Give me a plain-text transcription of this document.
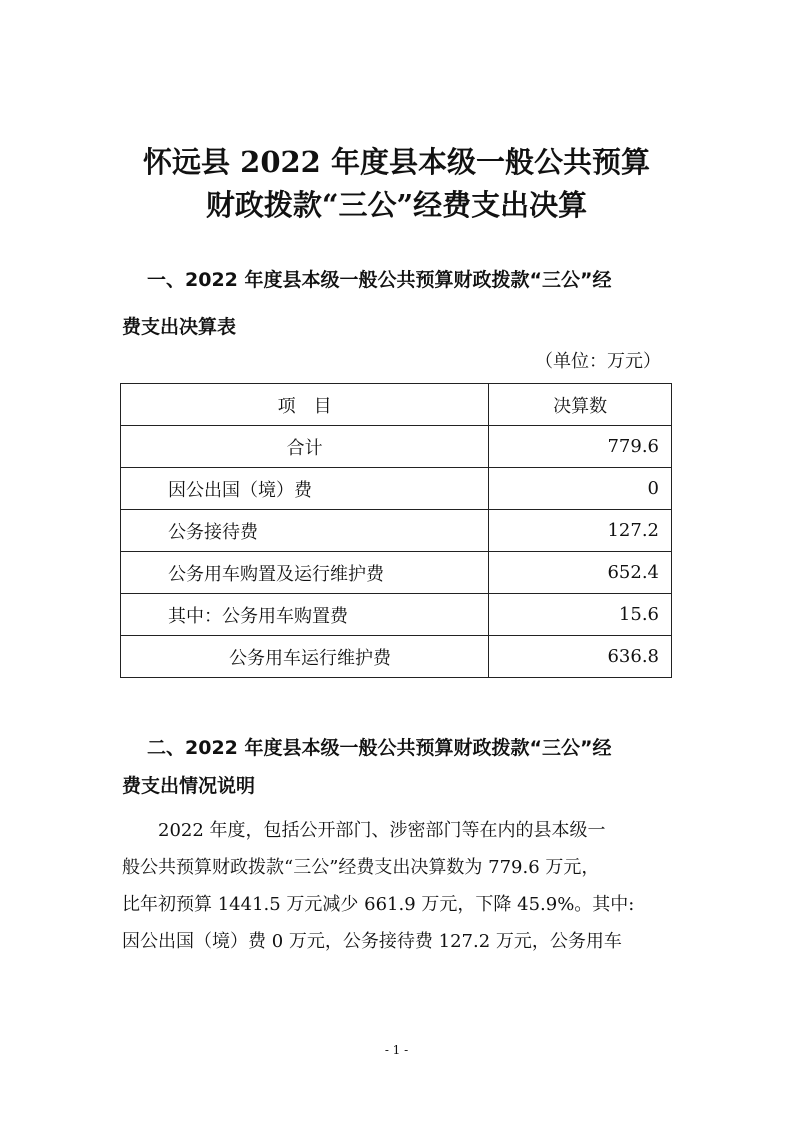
怀远县 2022 年度县本级一般公共预算
财政拨款“三公”经费支出决算
一、2022 年度县本级一般公共预算财政拨款“三公”经
费支出决算表
（单位：万元）
项　目	决算数
合计	779.6
因公出国（境）费	0
公务接待费	127.2
公务用车购置及运行维护费	652.4
其中：公务用车购置费	15.6
公务用车运行维护费	636.8
二、2022 年度县本级一般公共预算财政拨款“三公”经
费支出情况说明
2022 年度，包括公开部门、涉密部门等在内的县本级一
般公共预算财政拨款“三公”经费支出决算数为 779.6 万元，
比年初预算 1441.5 万元减少 661.9 万元，下降 45.9%。其中:
因公出国（境）费 0 万元，公务接待费 127.2 万元，公务用车
- 1 -
